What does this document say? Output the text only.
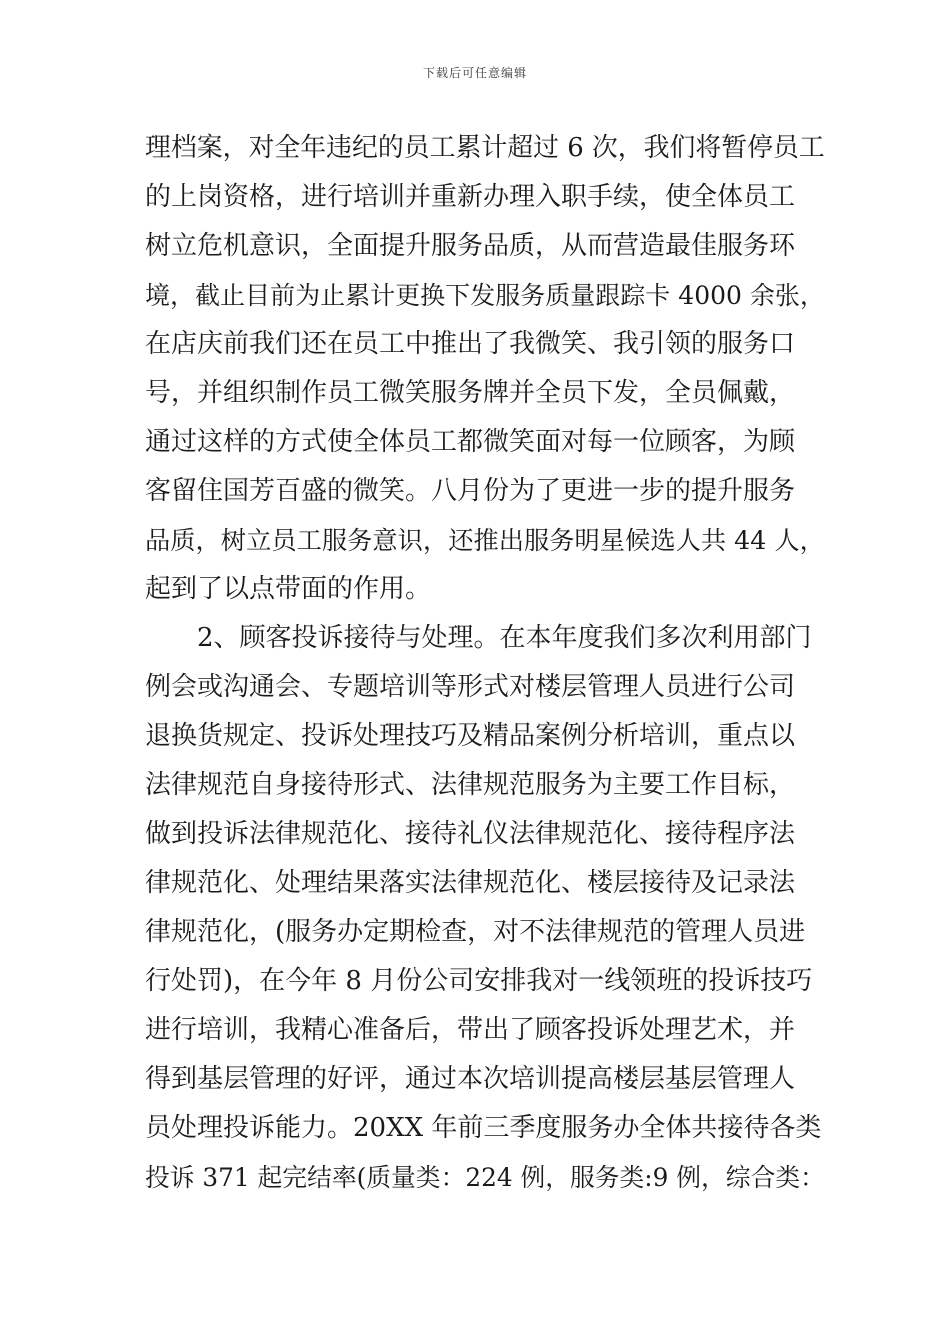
下载后可任意编辑
理档案，对全年违纪的员工累计超过 6 次，我们将暂停员工
的上岗资格，进行培训并重新办理入职手续，使全体员工
树立危机意识，全面提升服务品质，从而营造最佳服务环
境，截止目前为止累计更换下发服务质量跟踪卡 4000 余张，
在店庆前我们还在员工中推出了我微笑、我引领的服务口
号，并组织制作员工微笑服务牌并全员下发，全员佩戴，
通过这样的方式使全体员工都微笑面对每一位顾客，为顾
客留住国芳百盛的微笑。八月份为了更进一步的提升服务
品质，树立员工服务意识，还推出服务明星候选人共 44 人，
起到了以点带面的作用。
2、顾客投诉接待与处理。在本年度我们多次利用部门
例会或沟通会、专题培训等形式对楼层管理人员进行公司
退换货规定、投诉处理技巧及精品案例分析培训，重点以
法律规范自身接待形式、法律规范服务为主要工作目标，
做到投诉法律规范化、接待礼仪法律规范化、接待程序法
律规范化、处理结果落实法律规范化、楼层接待及记录法
律规范化，(服务办定期检查，对不法律规范的管理人员进
行处罚)，在今年 8 月份公司安排我对一线领班的投诉技巧
进行培训，我精心准备后，带出了顾客投诉处理艺术，并
得到基层管理的好评，通过本次培训提高楼层基层管理人
员处理投诉能力。20XX 年前三季度服务办全体共接待各类
投诉 371 起完结率(质量类：224 例，服务类:9 例，综合类：
